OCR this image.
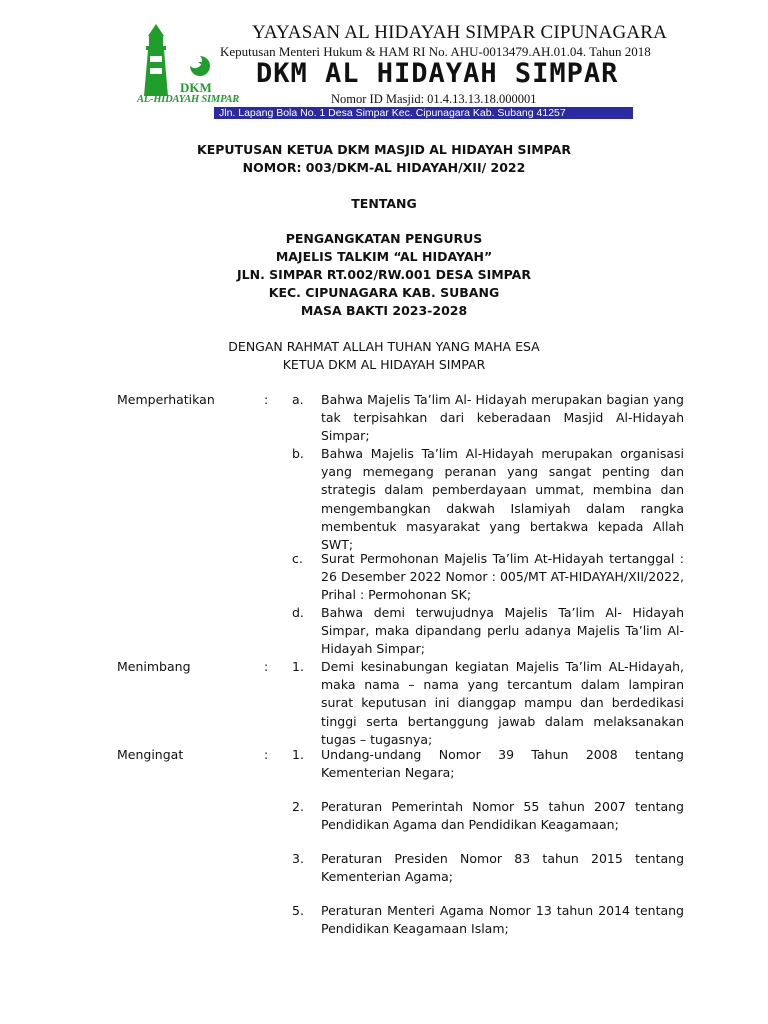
DKM
AL-HIDAYAH SIMPAR
YAYASAN AL HIDAYAH SIMPAR CIPUNAGARA
Keputusan Menteri Hukum & HAM RI No. AHU-0013479.AH.01.04. Tahun 2018
DKM AL HIDAYAH SIMPAR
Nomor ID Masjid: 01.4.13.13.18.000001
Jln. Lapang Bola No. 1 Desa Simpar Kec. Cipunagara Kab. Subang 41257
KEPUTUSAN KETUA DKM MASJID AL HIDAYAH SIMPAR
NOMOR: 003/DKM-AL HIDAYAH/XII/ 2022
TENTANG
PENGANGKATAN PENGURUS
MAJELIS TALKIM “AL HIDAYAH”
JLN. SIMPAR RT.002/RW.001 DESA SIMPAR
KEC. CIPUNAGARA KAB. SUBANG
MASA BAKTI 2023-2028
DENGAN RAHMAT ALLAH TUHAN YANG MAHA ESA
KETUA DKM AL HIDAYAH SIMPAR
Memperhatikan	: a. Bahwa Majelis Ta’lim Al- Hidayah merupakan bagian yang tak terpisahkan dari keberadaan Masjid Al-Hidayah Simpar;
b. Bahwa Majelis Ta’lim Al-Hidayah merupakan organisasi yang memegang peranan yang sangat penting dan strategis dalam pemberdayaan ummat, membina dan mengembangkan dakwah Islamiyah dalam rangka membentuk masyarakat yang bertakwa kepada Allah SWT;
c. Surat Permohonan Majelis Ta’lim At-Hidayah tertanggal : 26 Desember 2022 Nomor : 005/MT AT-HIDAYAH/XII/2022, Prihal : Permohonan SK;
d. Bahwa demi terwujudnya Majelis Ta’lim Al- Hidayah Simpar, maka dipandang perlu adanya Majelis Ta’lim Al-Hidayah Simpar;
Menimbang	: 1. Demi kesinabungan kegiatan Majelis Ta’lim AL-Hidayah, maka nama – nama yang tercantum dalam lampiran surat keputusan ini dianggap mampu dan berdedikasi tinggi serta bertanggung jawab dalam melaksanakan tugas – tugasnya;
Mengingat	: 1. Undang-undang Nomor 39 Tahun 2008 tentang Kementerian Negara;
2. Peraturan Pemerintah Nomor 55 tahun 2007 tentang Pendidikan Agama dan Pendidikan Keagamaan;
3. Peraturan Presiden Nomor 83 tahun 2015 tentang Kementerian Agama;
5. Peraturan Menteri Agama Nomor 13 tahun 2014 tentang Pendidikan Keagamaan Islam;
